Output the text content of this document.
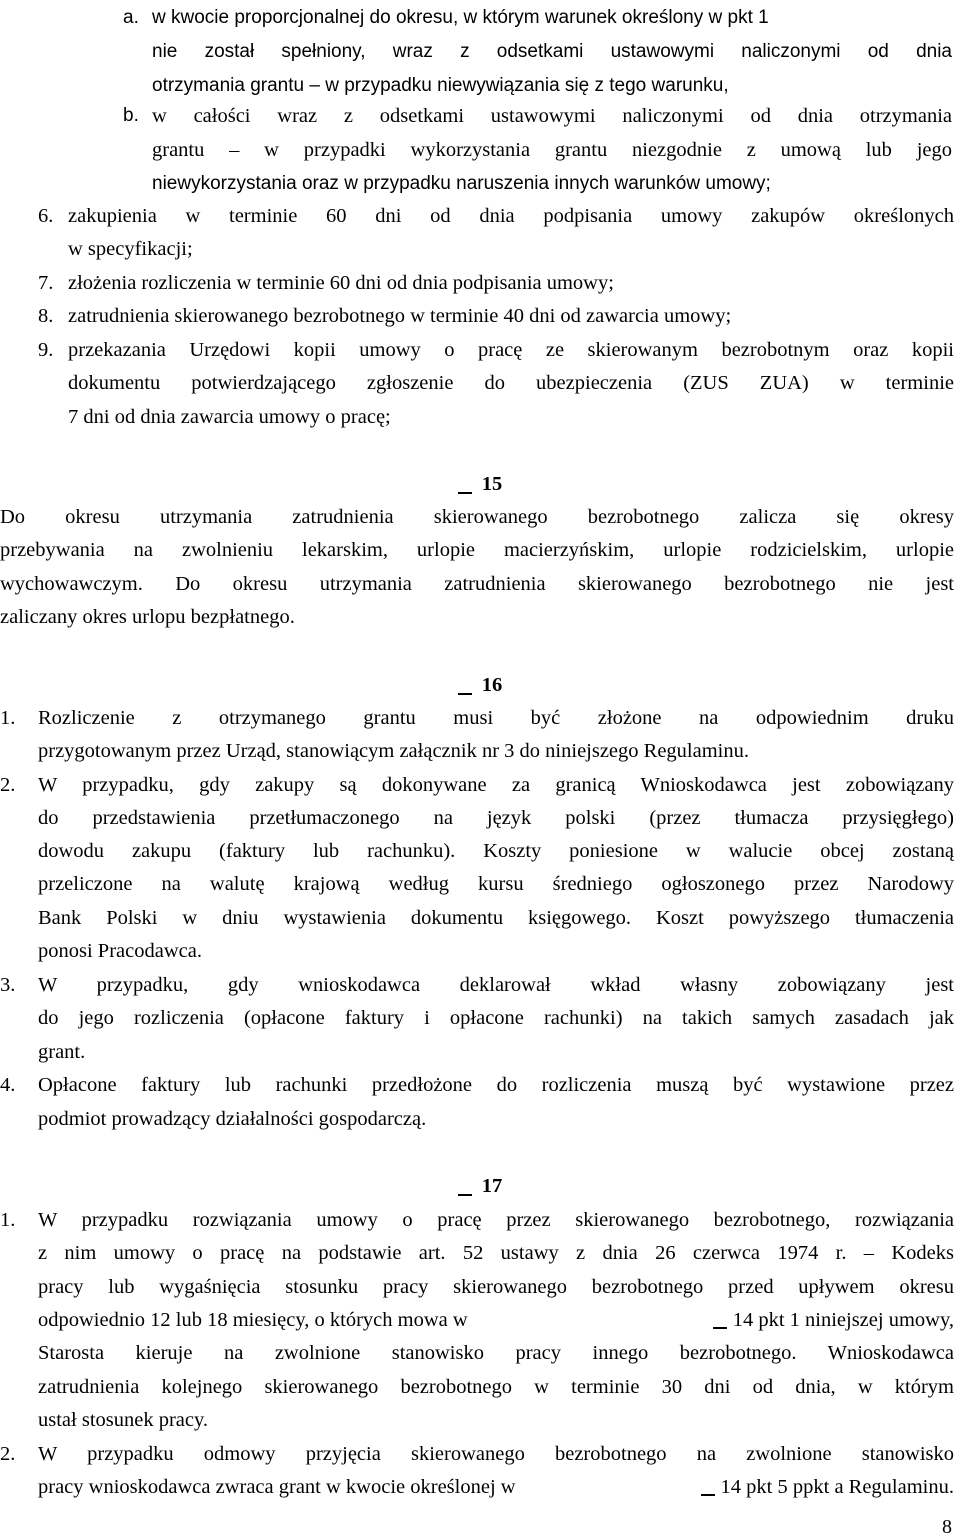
a. w kwocie proporcjonalnej do okresu, w którym warunek określony w pkt 1
nie został spełniony, wraz z odsetkami ustawowymi naliczonymi od dnia
otrzymania grantu – w przypadku niewywiązania się z tego warunku,
b. w całości wraz z odsetkami ustawowymi naliczonymi od dnia otrzymania
grantu – w przypadki wykorzystania grantu niezgodnie z umową lub jego
niewykorzystania oraz w przypadku naruszenia innych warunków umowy;
6. zakupienia w terminie 60 dni od dnia podpisania umowy zakupów określonych
w specyfikacji;
7. złożenia rozliczenia w terminie 60 dni od dnia podpisania umowy;
8. zatrudnienia skierowanego bezrobotnego w terminie 40 dni od zawarcia umowy;
9. przekazania Urzędowi kopii umowy o pracę ze skierowanym bezrobotnym oraz kopii
dokumentu potwierdzającego zgłoszenie do ubezpieczenia (ZUS ZUA) w terminie
7 dni od dnia zawarcia umowy o pracę;
15
Do okresu utrzymania zatrudnienia skierowanego bezrobotnego zalicza się okresy
przebywania na zwolnieniu lekarskim, urlopie macierzyńskim, urlopie rodzicielskim, urlopie
wychowawczym. Do okresu utrzymania zatrudnienia skierowanego bezrobotnego nie jest
zaliczany okres urlopu bezpłatnego.
16
1. Rozliczenie z otrzymanego grantu musi być złożone na odpowiednim druku
przygotowanym przez Urząd, stanowiącym załącznik nr 3 do niniejszego Regulaminu.
2. W przypadku, gdy zakupy są dokonywane za granicą Wnioskodawca jest zobowiązany
do przedstawienia przetłumaczonego na język polski (przez tłumacza przysięgłego)
dowodu zakupu (faktury lub rachunku). Koszty poniesione w walucie obcej zostaną
przeliczone na walutę krajową według kursu średniego ogłoszonego przez Narodowy
Bank Polski w dniu wystawienia dokumentu księgowego. Koszt powyższego tłumaczenia
ponosi Pracodawca.
3. W przypadku, gdy wnioskodawca deklarował wkład własny zobowiązany jest
do jego rozliczenia (opłacone faktury i opłacone rachunki) na takich samych zasadach jak
grant.
4. Opłacone faktury lub rachunki przedłożone do rozliczenia muszą być wystawione przez
podmiot prowadzący działalności gospodarczą.
17
1. W przypadku rozwiązania umowy o pracę przez skierowanego bezrobotnego, rozwiązania
z nim umowy o pracę na podstawie art. 52 ustawy z dnia 26 czerwca 1974 r. – Kodeks
pracy lub wygaśnięcia stosunku pracy skierowanego bezrobotnego przed upływem okresu
odpowiednio 12 lub 18 miesięcy, o których mowa w	14 pkt 1 niniejszej umowy,
Starosta kieruje na zwolnione stanowisko pracy innego bezrobotnego. Wnioskodawca
zatrudnienia kolejnego skierowanego bezrobotnego w terminie 30 dni od dnia, w którym
ustał stosunek pracy.
2. W przypadku odmowy przyjęcia skierowanego bezrobotnego na zwolnione stanowisko
pracy wnioskodawca zwraca grant w kwocie określonej w	14 pkt 5 ppkt a Regulaminu.
8
